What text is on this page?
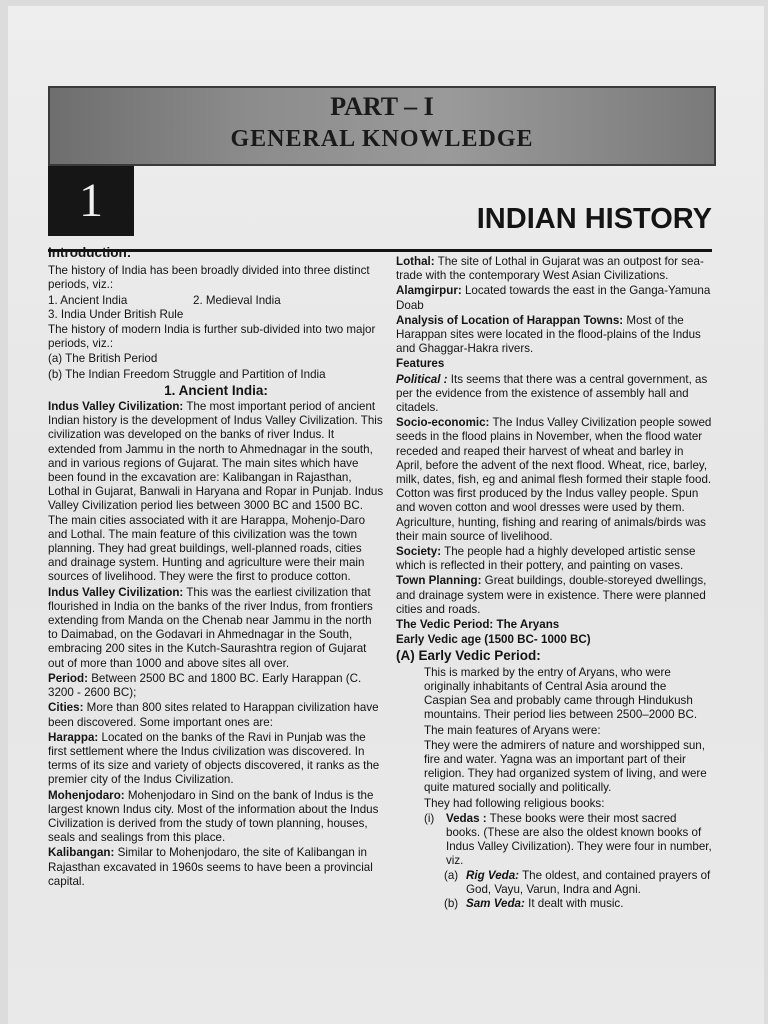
PART – I
GENERAL KNOWLEDGE
1	INDIAN HISTORY

Introduction:

The history of India has been broadly divided into three distinct periods, viz.:

1. Ancient India	2. Medieval India

3. India Under British Rule

The history of modern India is further sub-divided into two major periods, viz.:

(a) The British Period

(b) The Indian Freedom Struggle and Partition of India

1. Ancient India:

Indus Valley Civilization: The most important period of ancient Indian history is the development of Indus Valley Civilization. This civilization was developed on the banks of river Indus. It extended from Jammu in the north to Ahmednagar in the south, and in various regions of Gujarat. The main sites which have been found in the excavation are: Kalibangan in Rajasthan, Lothal in Gujarat, Banwali in Haryana and Ropar in Punjab. Indus Valley Civilization period lies between 3000 BC and 1500 BC. The main cities associated with it are Harappa, Mohenjo-Daro and Lothal. The main feature of this civilization was the town planning. They had great buildings, well-planned roads, cities and drainage system. Hunting and agriculture were their main sources of livelihood. They were the first to produce cotton.

Indus Valley Civilization: This was the earliest civilization that flourished in India on the banks of the river Indus, from frontiers extending from Manda on the Chenab near Jammu in the north to Daimabad, on the Godavari in Ahmednagar in the South, embracing 200 sites in the Kutch-Saurashtra region of Gujarat out of more than 1000 and above sites all over.

Period: Between 2500 BC and 1800 BC. Early Harappan (C. 3200 - 2600 BC);

Cities: More than 800 sites related to Harappan civilization have been discovered. Some important ones are:

Harappa: Located on the banks of the Ravi in Punjab was the first settlement where the Indus civilization was discovered. In terms of its size and variety of objects discovered, it ranks as the premier city of the Indus Civilization.

Mohenjodaro: Mohenjodaro in Sind on the bank of Indus is the largest known Indus city. Most of the information about the Indus Civilization is derived from the study of town planning, houses, seals and sealings from this place.

Kalibangan: Similar to Mohenjodaro, the site of Kalibangan in Rajasthan excavated in 1960s seems to have been a provincial capital.

Lothal: The site of Lothal in Gujarat was an outpost for sea-trade with the contemporary West Asian Civilizations.

Alamgirpur: Located towards the east in the Ganga-Yamuna Doab

Analysis of Location of Harappan Towns: Most of the Harappan sites were located in the flood-plains of the Indus and Ghaggar-Hakra rivers.

Features

Political : Its seems that there was a central government, as per the evidence from the existence of assembly hall and citadels.

Socio-economic: The Indus Valley Civilization people sowed seeds in the flood plains in November, when the flood water receded and reaped their harvest of wheat and barley in April, before the advent of the next flood. Wheat, rice, barley, milk, dates, fish, eg and animal flesh formed their staple food. Cotton was first produced by the Indus valley people. Spun and woven cotton and wool dresses were used by them. Agriculture, hunting, fishing and rearing of animals/birds was their main source of livelihood.

Society: The people had a highly developed artistic sense which is reflected in their pottery, and painting on vases.

Town Planning: Great buildings, double-storeyed dwellings, and drainage system were in existence. There were planned cities and roads.

The Vedic Period: The Aryans

Early Vedic age (1500 BC- 1000 BC)

(A) Early Vedic Period:

This is marked by the entry of Aryans, who were originally inhabitants of Central Asia around the Caspian Sea and probably came through Hindukush mountains. Their period lies between 2500–2000 BC.

The main features of Aryans were:

They were the admirers of nature and worshipped sun, fire and water. Yagna was an important part of their religion. They had organized system of living, and were quite matured socially and politically.

They had following religious books:

(i)	Vedas : These books were their most sacred books. (These are also the oldest known books of Indus Valley Civilization). They were four in number, viz.
(a) Rig Veda: The oldest, and contained prayers of God, Vayu, Varun, Indra and Agni.
(b) Sam Veda: It dealt with music.
